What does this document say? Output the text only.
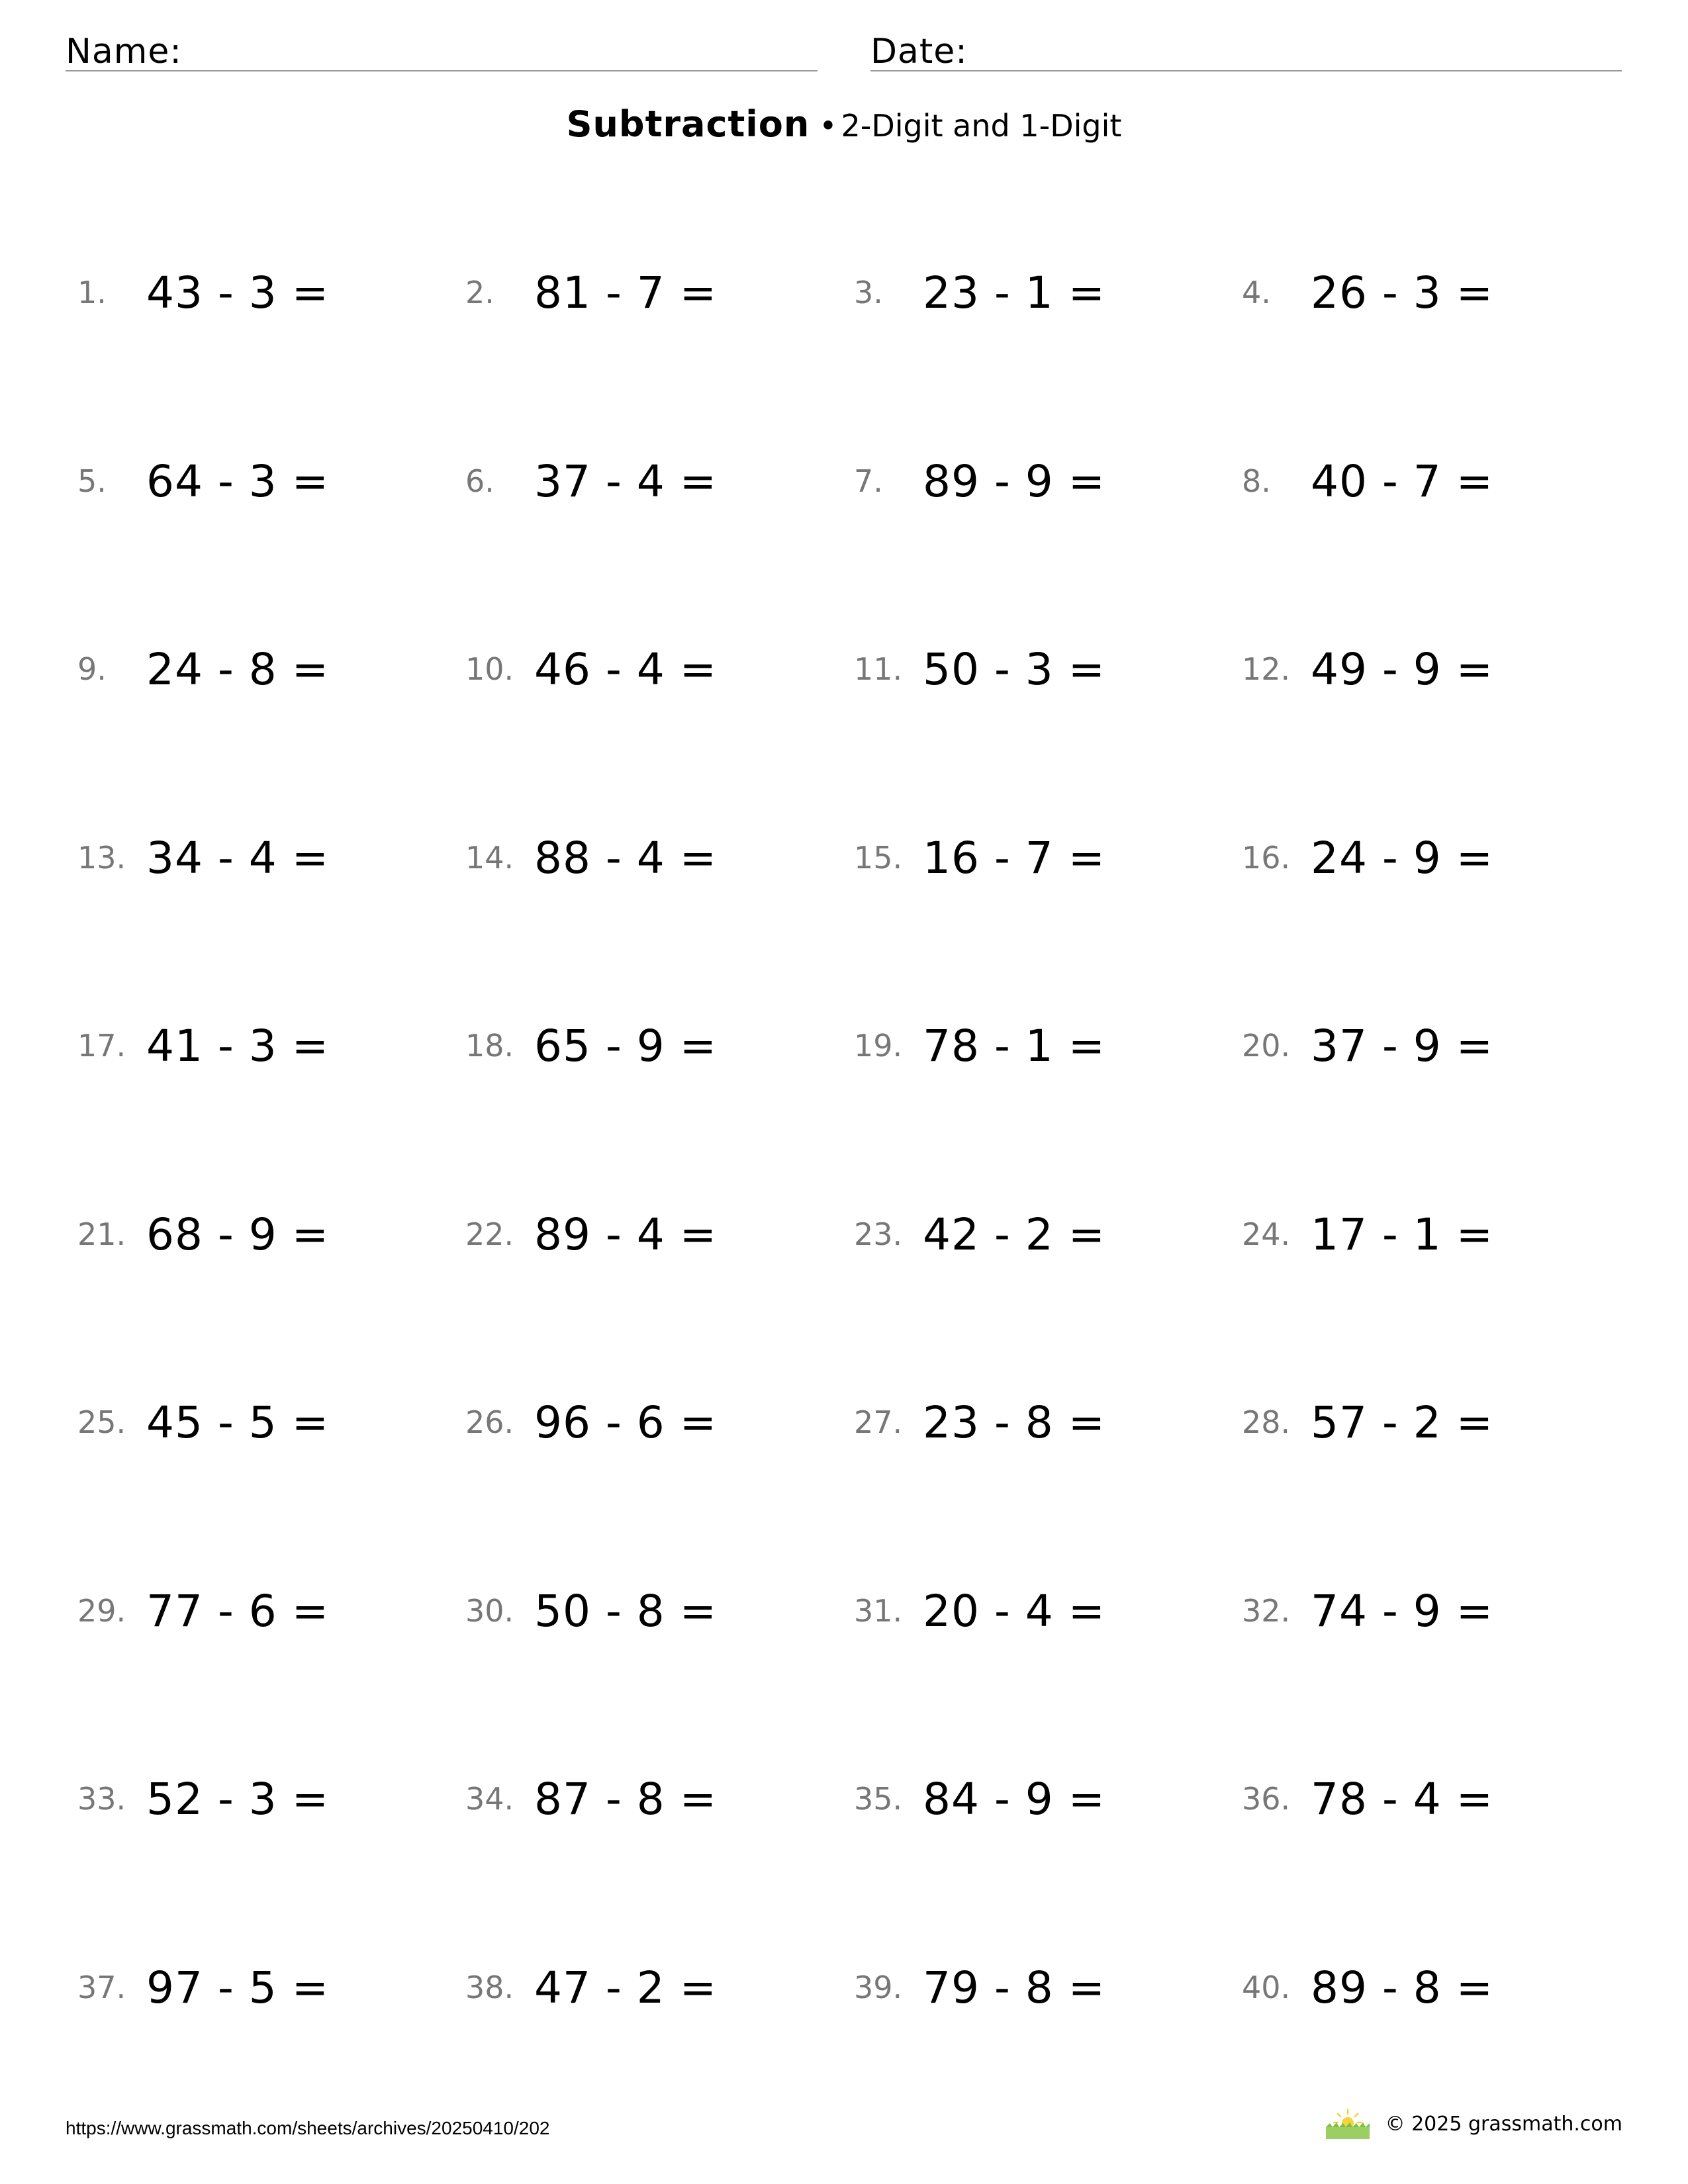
Name:	Date:
Subtraction • 2-Digit and 1-Digit
1. 43 - 3 =	2. 81 - 7 =	3. 23 - 1 =	4. 26 - 3 =
5. 64 - 3 =	6. 37 - 4 =	7. 89 - 9 =	8. 40 - 7 =
9. 24 - 8 =	10. 46 - 4 =	11. 50 - 3 =	12. 49 - 9 =
13. 34 - 4 =	14. 88 - 4 =	15. 16 - 7 =	16. 24 - 9 =
17. 41 - 3 =	18. 65 - 9 =	19. 78 - 1 =	20. 37 - 9 =
21. 68 - 9 =	22. 89 - 4 =	23. 42 - 2 =	24. 17 - 1 =
25. 45 - 5 =	26. 96 - 6 =	27. 23 - 8 =	28. 57 - 2 =
29. 77 - 6 =	30. 50 - 8 =	31. 20 - 4 =	32. 74 - 9 =
33. 52 - 3 =	34. 87 - 8 =	35. 84 - 9 =	36. 78 - 4 =
37. 97 - 5 =	38. 47 - 2 =	39. 79 - 8 =	40. 89 - 8 =
https://www.grassmath.com/sheets/archives/20250410/202	© 2025 grassmath.com
